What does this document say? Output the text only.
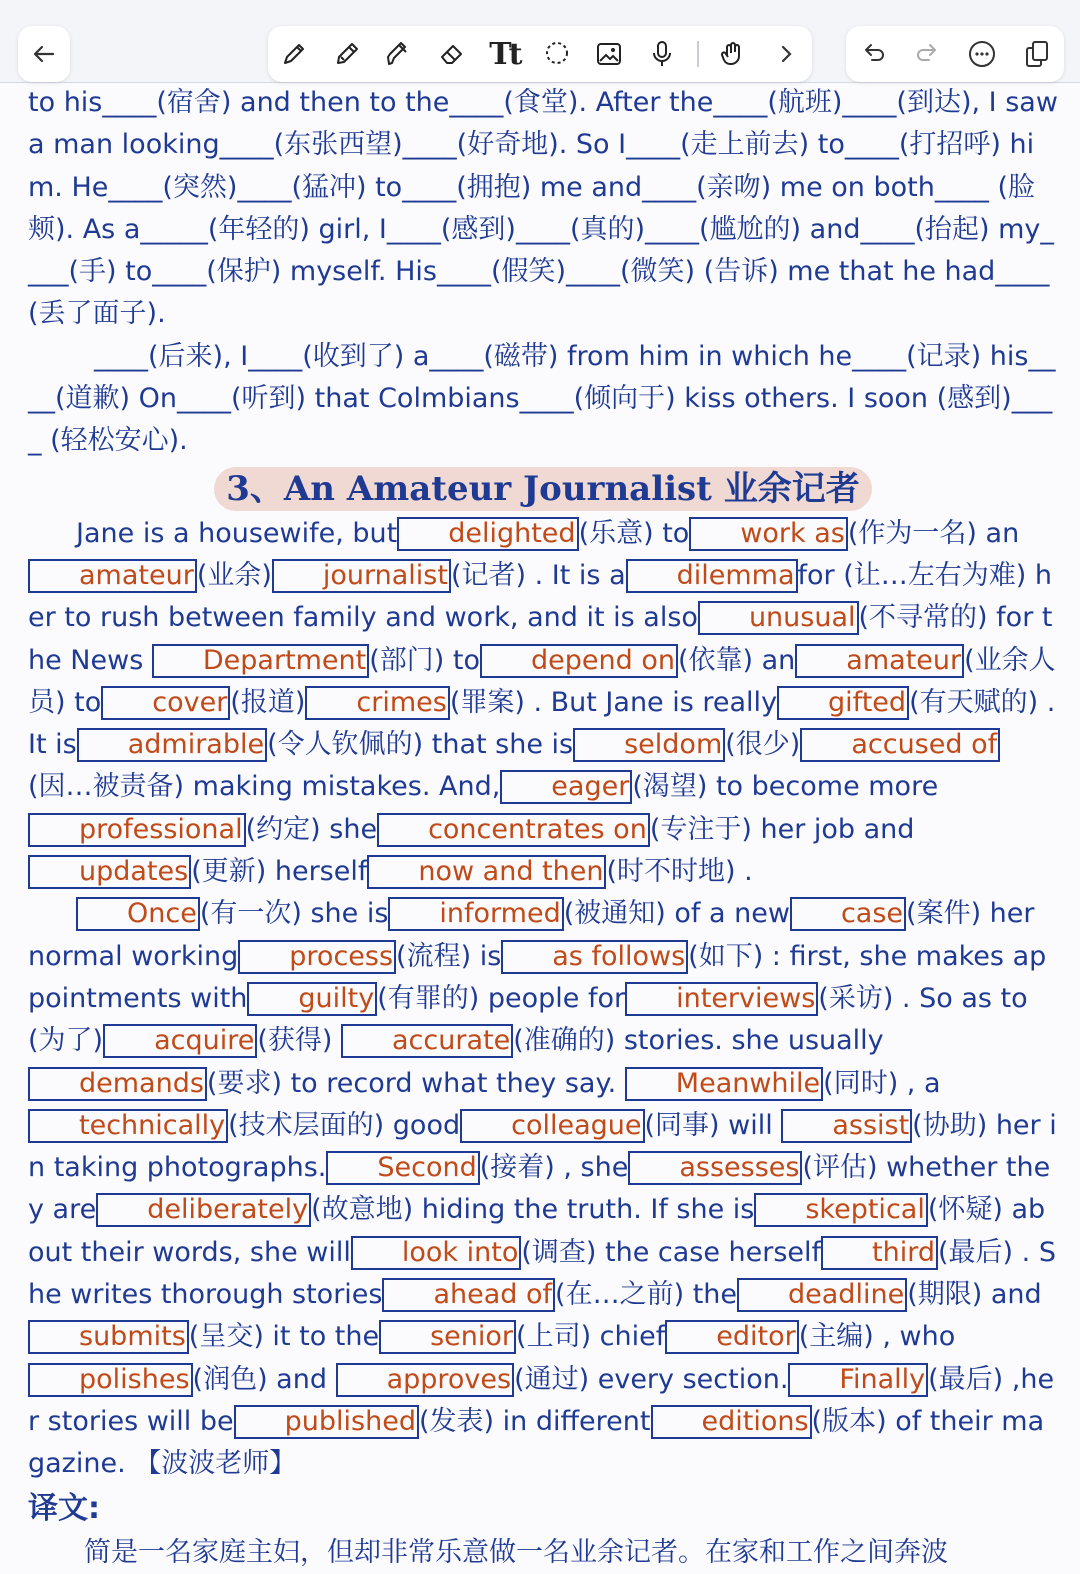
Tt

to his____(宿舍) and then to the____(食堂). After the____(航班)____(到达), I saw a man looking____(东张西望)____(好奇地). So I____(走上前去) to____(打招呼) him. He____(突然)____(猛冲) to____(拥抱) me and____(亲吻) me on both____ (脸颊). As a_____(年轻的) girl, I____(感到)____(真的)____(尴尬的) and____(抬起) my____(手) to____(保护) myself. His____(假笑)____(微笑) (告诉) me that he had____(丢了面子).

____(后来), I____(收到了) a____(磁带) from him in which he____(记录) his____(道歉) On____(听到) that Colmbians____(倾向于) kiss others. I soon (感到)____ (轻松安心).

3、An Amateur Journalist 业余记者

Jane is a housewife, but delighted (乐意) to work as (作为一名) an amateur (业余) journalist (记者) . It is a dilemma for (让…左右为难) her to rush between family and work, and it is also unusual (不寻常的) for the News Department (部门) to depend on (依靠) an amateur (业余人员) to cover (报道) crimes (罪案) . But Jane is really gifted (有天赋的) . It is admirable (令人钦佩的) that she is seldom (很少) accused of(因…被责备) making mistakes. And, eager (渴望) to become moreprofessional (约定) she concentrates on (专注于) her job andupdates (更新) herself now and then (时不时地) .

Once (有一次) she is informed (被通知) of a new case (案件) her normal working process (流程) is as follows (如下) : first, she makes appointments with guilty (有罪的) people for interviews (采访) . So as to (为了) acquire (获得) accurate (准确的) stories. she usuallydemands (要求) to record what they say. Meanwhile (同时) , atechnically (技术层面的) good colleague (同事) will assist (协助) her in taking photographs. Second (接着) , she assesses (评估) whether they are deliberately (故意地) hiding the truth. If she is skeptical (怀疑) about their words, she will look into (调查) the case herself third (最后) . She writes thorough stories ahead of (在…之前) the deadline (期限) andsubmits (呈交) it to the senior (上司) chief editor (主编) , whopolishes (润色) and approves (通过) every section. Finally (最后) ,her stories will be published (发表) in different editions (版本) of their magazine. 【波波老师】

译文:

简是一名家庭主妇，但却非常乐意做一名业余记者。在家和工作之间奔波
